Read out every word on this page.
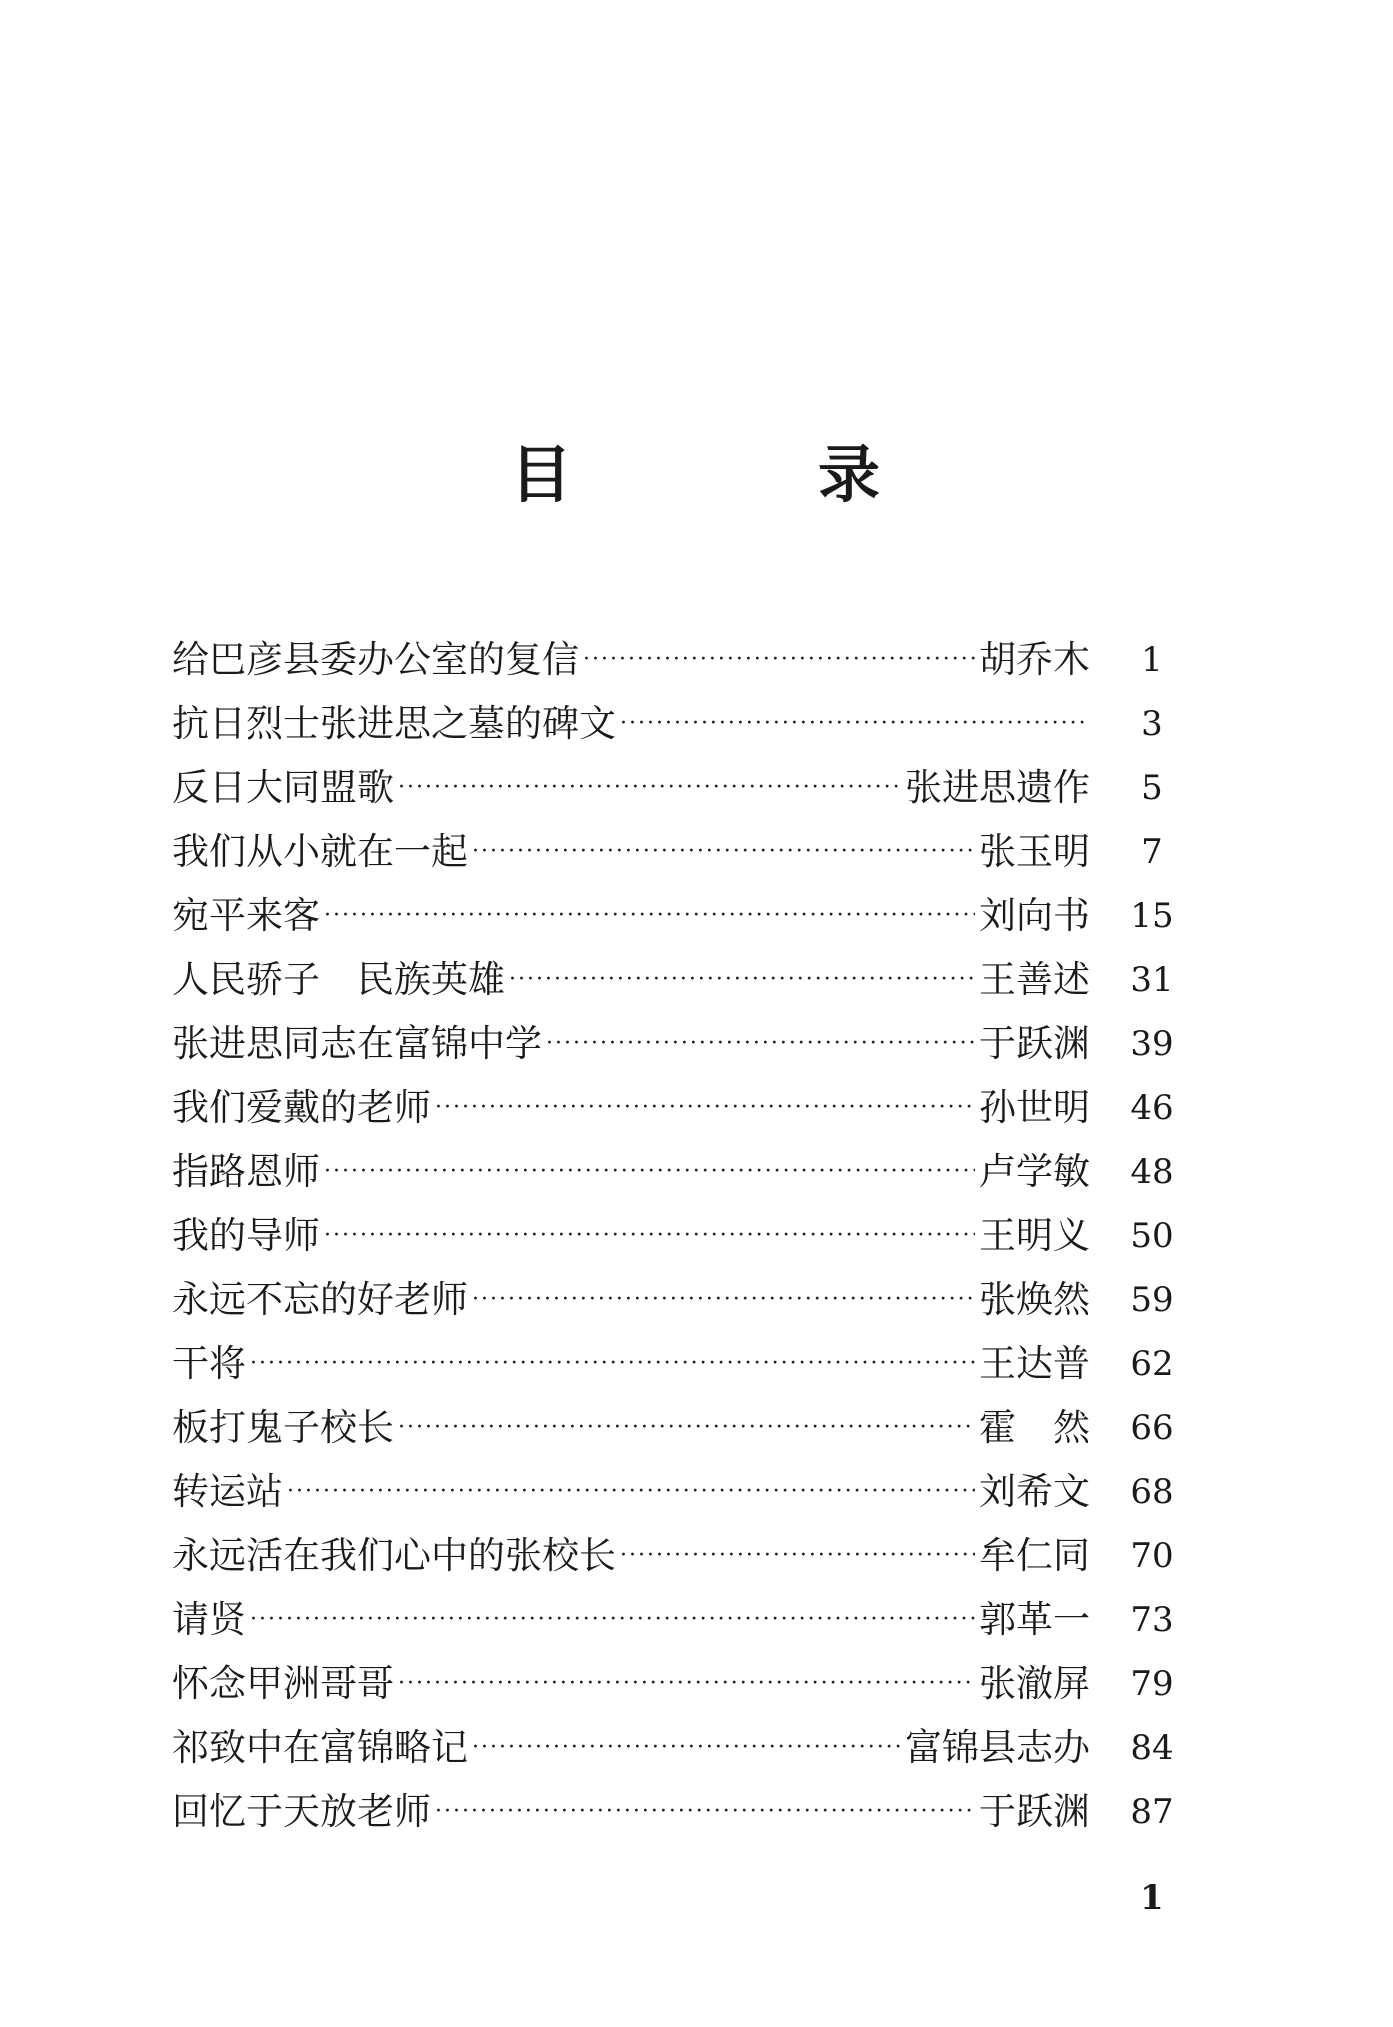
目	录
给巴彦县委办公室的复信 ·····	胡乔木	1
抗日烈士张进思之墓的碑文 ·····	3
反日大同盟歌 ·····	张进思遗作	5
我们从小就在一起 ·····	张玉明	7
宛平来客 ·····	刘向书	15
人民骄子　民族英雄 ·····	王善述	31
张进思同志在富锦中学 ·····	于跃渊	39
我们爱戴的老师 ·····	孙世明	46
指路恩师 ·····	卢学敏	48
我的导师 ·····	王明义	50
永远不忘的好老师 ·····	张焕然	59
干将 ·····	王达普	62
板打鬼子校长 ·····	霍　然	66
转运站 ·····	刘希文	68
永远活在我们心中的张校长 ·····	牟仁同	70
请贤 ·····	郭革一	73
怀念甲洲哥哥 ·····	张澈屏	79
祁致中在富锦略记 ·····	富锦县志办	84
回忆于天放老师 ·····	于跃渊	87
1
